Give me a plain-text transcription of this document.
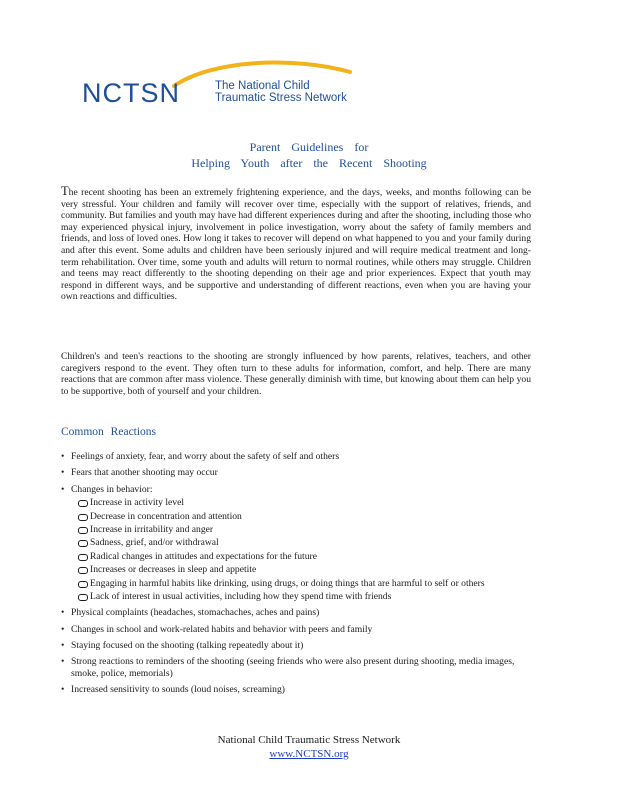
NCTSN	The National Child
Traumatic Stress Network
Parent Guidelines for
Helping Youth after the Recent Shooting

The recent shooting has been an extremely frightening experience, and the days, weeks, and months following can be very stressful. Your children and family will recover over time, especially with the support of relatives, friends, and community. But families and youth may have had different experiences during and after the shooting, including those who may experienced physical injury, involvement in police investigation, worry about the safety of family members and friends, and loss of loved ones. How long it takes to recover will depend on what happened to you and your family during and after this event. Some adults and children have been seriously injured and will require medical treatment and long-term rehabilitation. Over time, some youth and adults will return to normal routines, while others may struggle. Children and teens may react differently to the shooting depending on their age and prior experiences. Expect that youth may respond in different ways, and be supportive and understanding of different reactions, even when you are having your own reactions and difficulties.

Children's and teen's reactions to the shooting are strongly influenced by how parents, relatives, teachers, and other caregivers respond to the event. They often turn to these adults for information, comfort, and help. There are many reactions that are common after mass violence. These generally diminish with time, but knowing about them can help you to be supportive, both of yourself and your children.

Common Reactions
• Feelings of anxiety, fear, and worry about the safety of self and others
• Fears that another shooting may occur
• Changes in behavior:
Increase in activity level
Decrease in concentration and attention
Increase in irritability and anger
Sadness, grief, and/or withdrawal
Radical changes in attitudes and expectations for the future
Increases or decreases in sleep and appetite
Engaging in harmful habits like drinking, using drugs, or doing things that are harmful to self or others
Lack of interest in usual activities, including how they spend time with friends
• Physical complaints (headaches, stomachaches, aches and pains)
• Changes in school and work-related habits and behavior with peers and family
• Staying focused on the shooting (talking repeatedly about it)
• Strong reactions to reminders of the shooting (seeing friends who were also present during shooting, media images, smoke, police, memorials)
• Increased sensitivity to sounds (loud noises, screaming)
National Child Traumatic Stress Network
www.NCTSN.org
